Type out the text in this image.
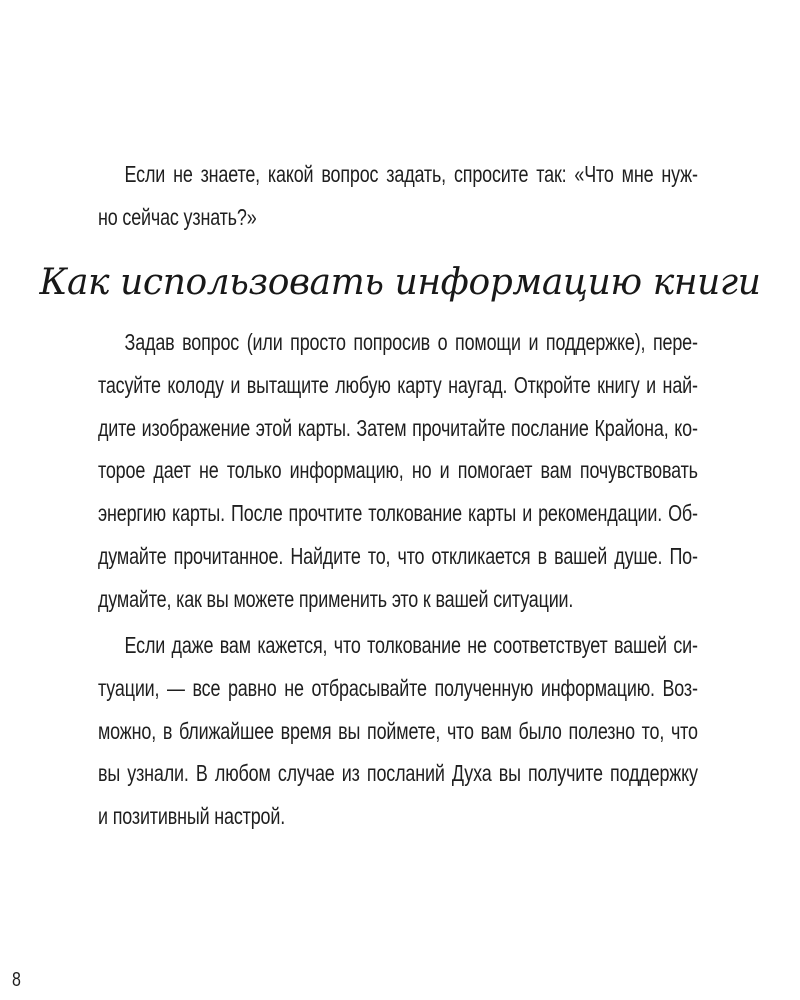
Если не знаете, какой вопрос задать, спросите так: «Что мне нуж-
но сейчас узнать?»
Как использовать информацию книги
Задав вопрос (или просто попросив о помощи и поддержке), пере-
тасуйте колоду и вытащите любую карту наугад. Откройте книгу и най-
дите изображение этой карты. Затем прочитайте послание Крайона, ко-
торое дает не только информацию, но и помогает вам почувствовать
энергию карты. После прочтите толкование карты и рекомендации. Об-
думайте прочитанное. Найдите то, что откликается в вашей душе. По-
думайте, как вы можете применить это к вашей ситуации.
Если даже вам кажется, что толкование не соответствует вашей си-
туации, — все равно не отбрасывайте полученную информацию. Воз-
можно, в ближайшее время вы поймете, что вам было полезно то, что
вы узнали. В любом случае из посланий Духа вы получите поддержку
и позитивный настрой.
8
